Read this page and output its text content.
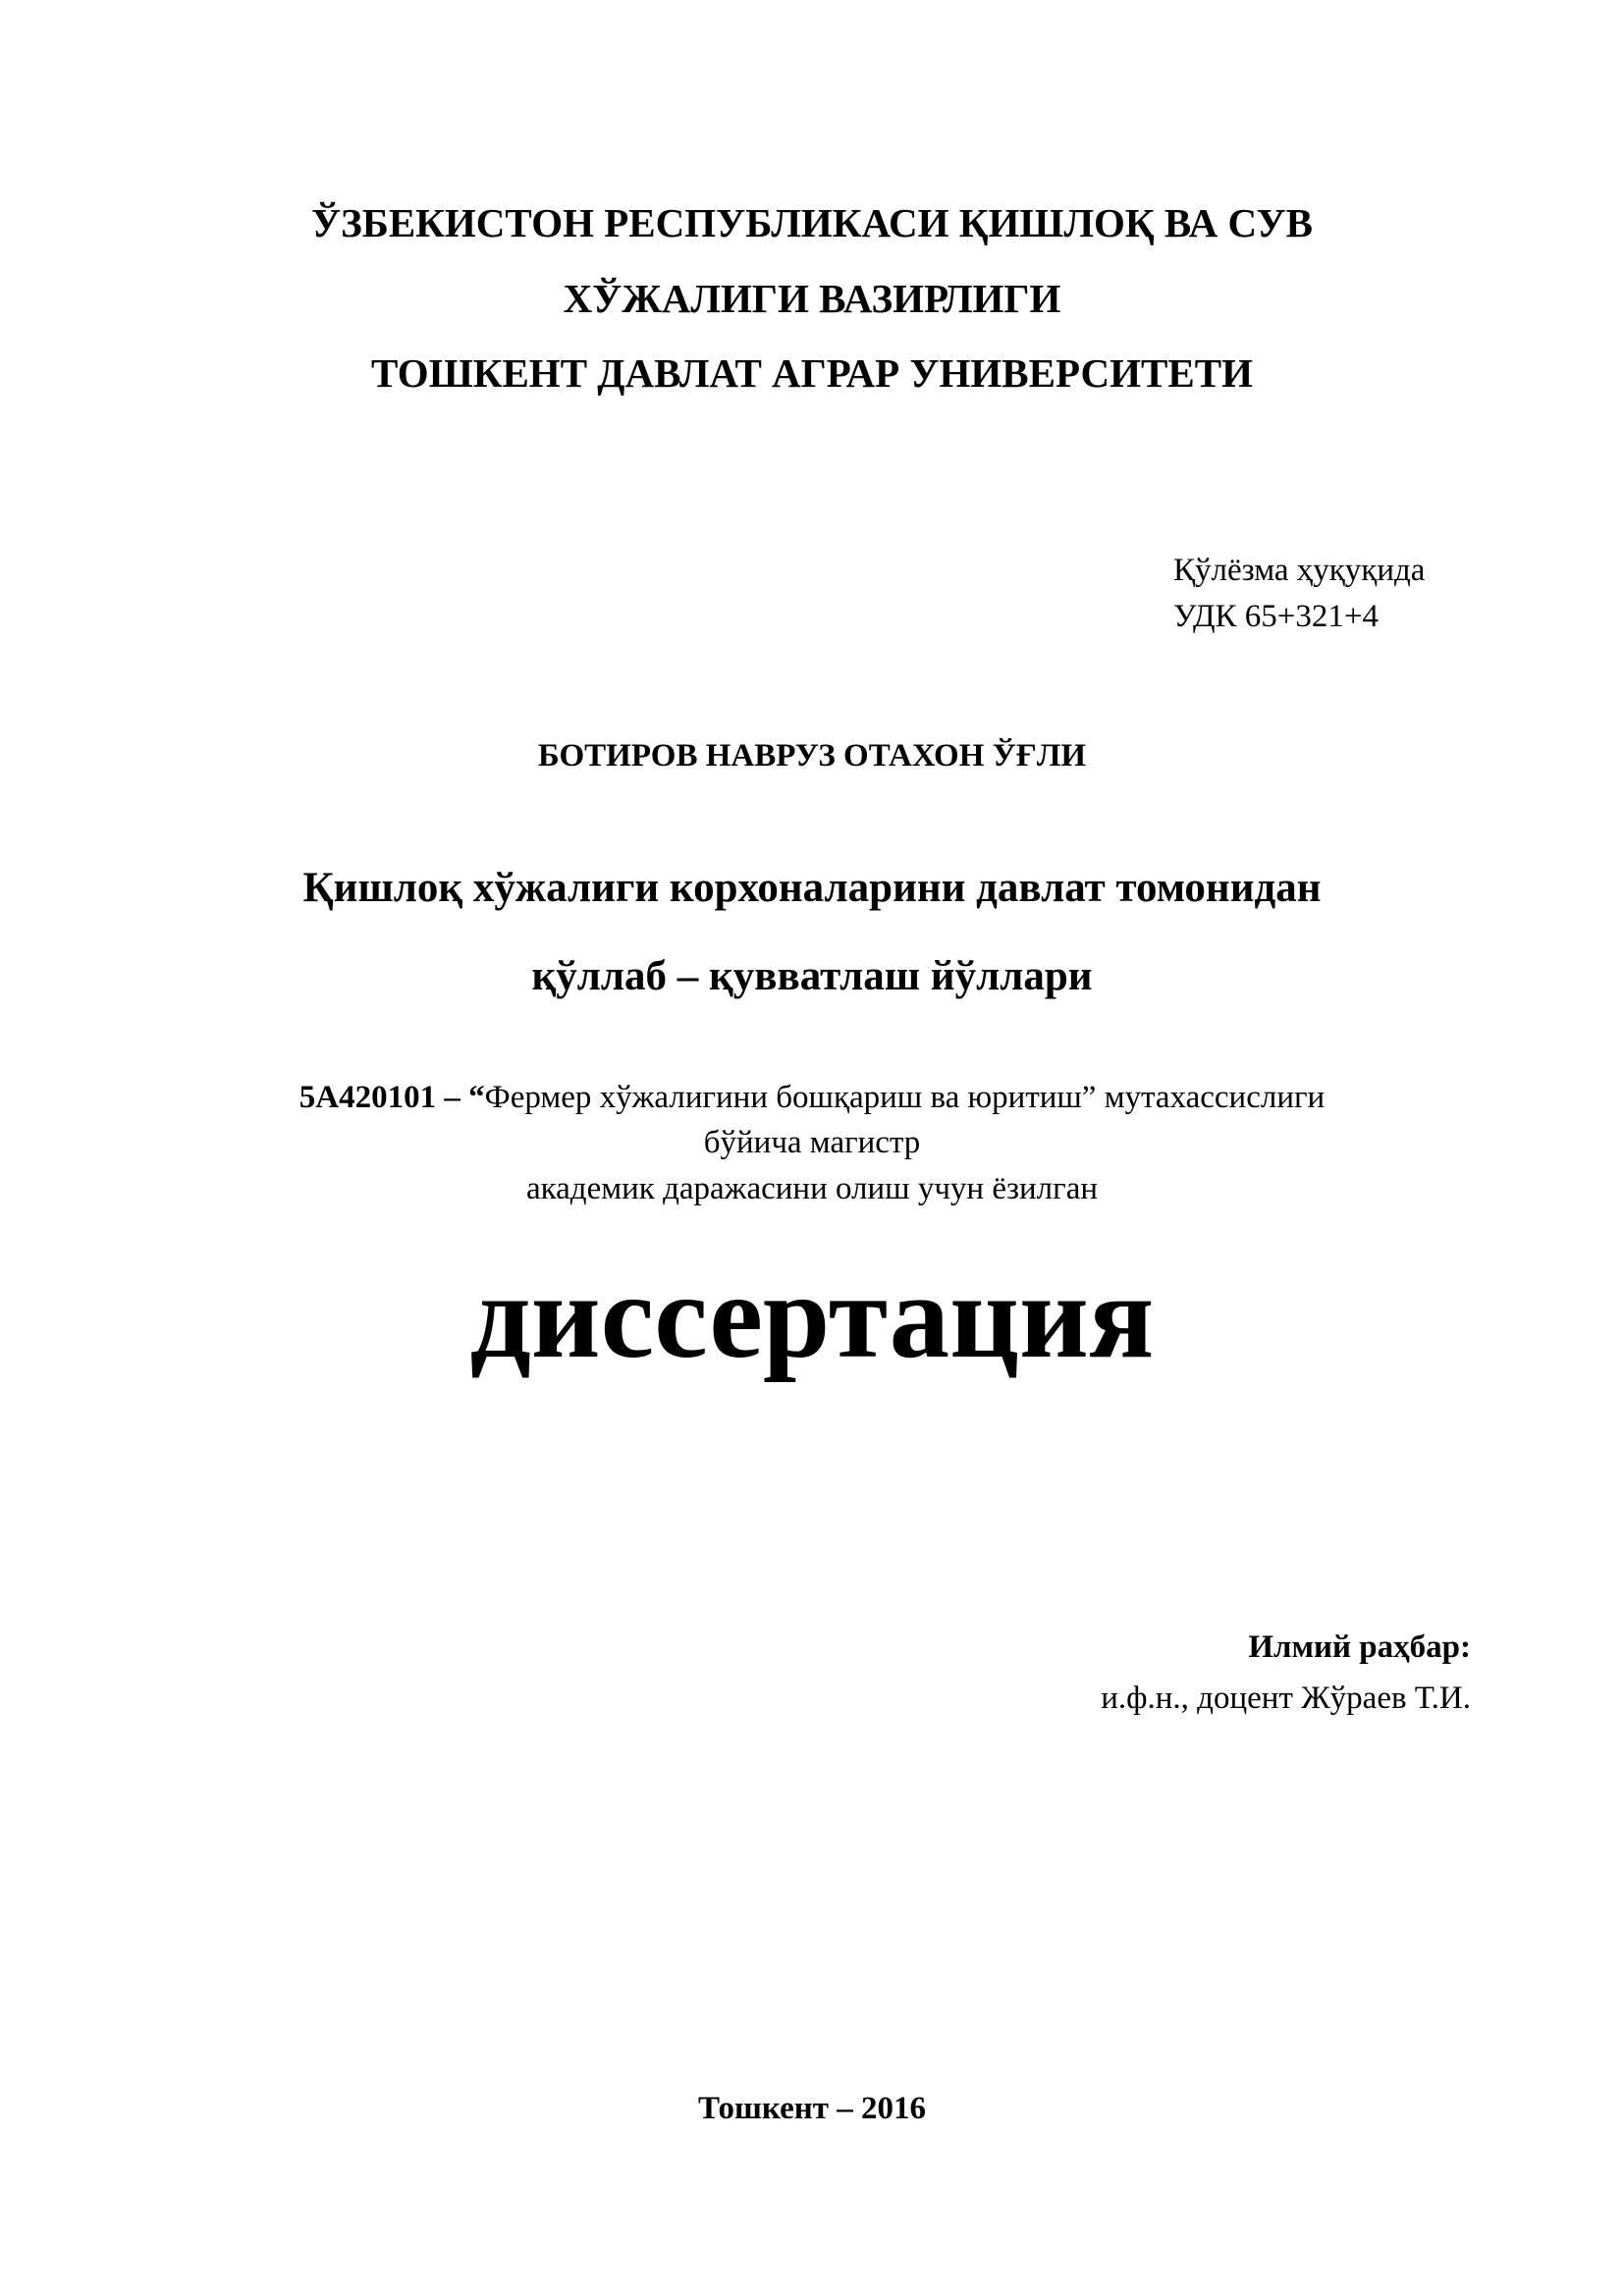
ЎЗБЕКИСТОН РЕСПУБЛИКАСИ ҚИШЛОҚ ВА СУВ
ХЎЖАЛИГИ ВАЗИРЛИГИ
ТОШКЕНТ ДАВЛАТ АГРАР УНИВЕРСИТЕТИ
Қўлёзма ҳуқуқида
УДК 65+321+4
БОТИРОВ НАВРУЗ ОТАХОН ЎҒЛИ
Қишлоқ хўжалиги корхоналарини давлат томонидан
қўллаб – қувватлаш йўллари
5А420101 – “Фермер хўжалигини бошқариш ва юритиш” мутахассислиги
бўйича магистр
академик даражасини олиш учун ёзилган
диссертация
Илмий раҳбар:
и.ф.н., доцент Жўраев Т.И.
Тошкент – 2016
